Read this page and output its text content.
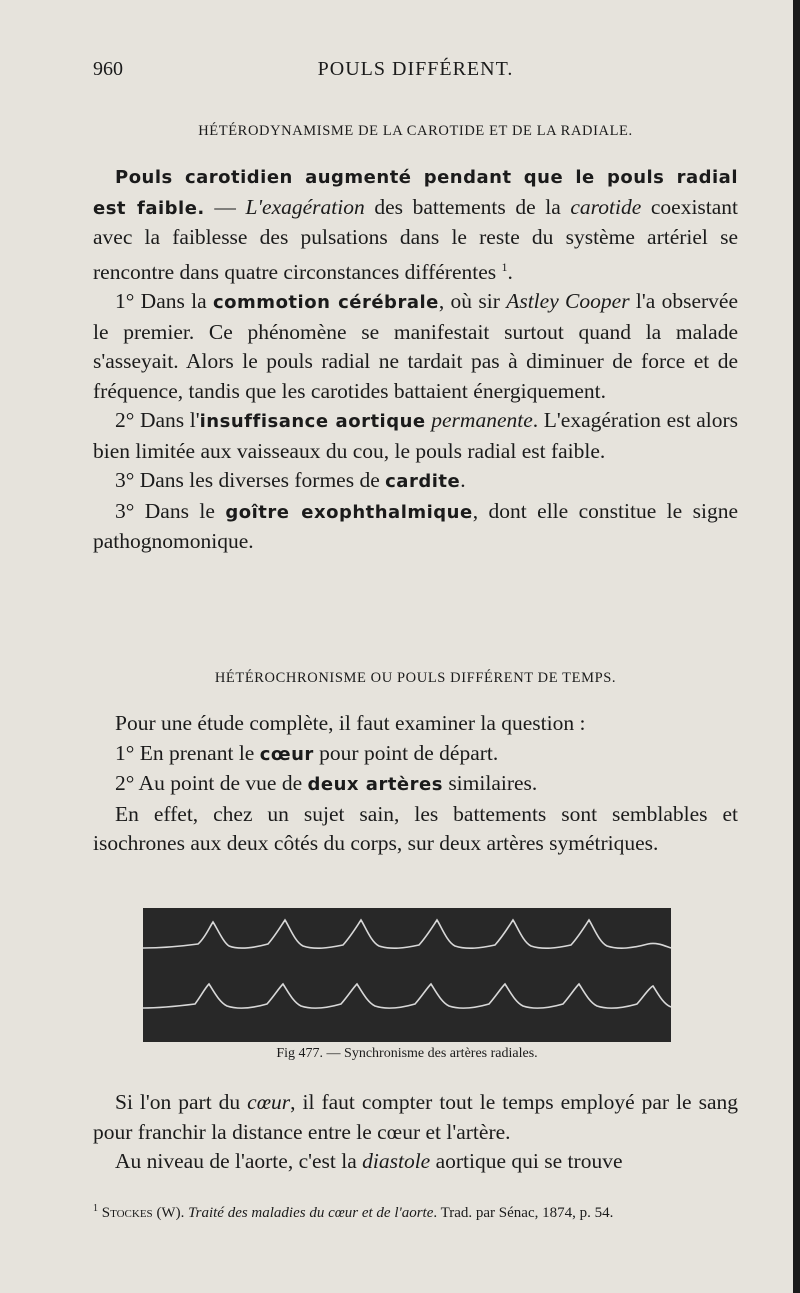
960	POULS DIFFÉRENT.
HÉTÉRODYNAMISME DE LA CAROTIDE ET DE LA RADIALE.

Pouls carotidien augmenté pendant que le pouls radial est faible. — L'exagération des battements de la carotide coexistant avec la faiblesse des pulsations dans le reste du système artériel se rencontre dans quatre circonstances différentes $^1$.

1° Dans la commotion cérébrale, où sir Astley Cooper l'a observée le premier. Ce phénomène se manifestait surtout quand la malade s'asseyait. Alors le pouls radial ne tardait pas à diminuer de force et de fréquence, tandis que les carotides battaient énergiquement.

2° Dans l'insuffisance aortique permanente. L'exagération est alors bien limitée aux vaisseaux du cou, le pouls radial est faible.

3° Dans les diverses formes de cardite.

3° Dans le goître exophthalmique, dont elle constitue le signe pathognomonique.

HÉTÉROCHRONISME OU POULS DIFFÉRENT DE TEMPS.

Pour une étude complète, il faut examiner la question :

1° En prenant le cœur pour point de départ.

2° Au point de vue de deux artères similaires.

En effet, chez un sujet sain, les battements sont semblables et isochrones aux deux côtés du corps, sur deux artères symétriques.

Fig 477. — Synchronisme des artères radiales.

Si l'on part du cœur, il faut compter tout le temps employé par le sang pour franchir la distance entre le cœur et l'artère.

Au niveau de l'aorte, c'est la diastole aortique qui se trouve

$^1$ Stockes (W). Traité des maladies du cœur et de l'aorte. Trad. par Sénac, 1874, p. 54.
